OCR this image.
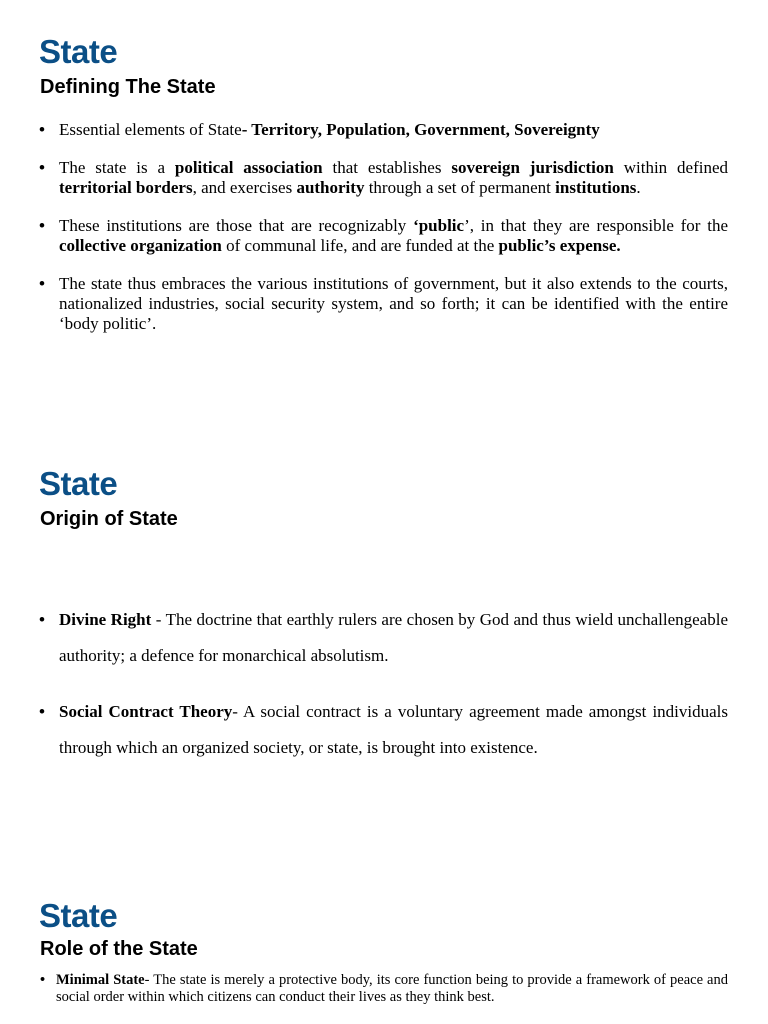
State
Defining The State
• Essential elements of State- Territory, Population, Government, Sovereignty
• The state is a political association that establishes sovereign jurisdiction within defined territorial borders, and exercises authority through a set of permanent institutions.
• These institutions are those that are recognizably ‘public’, in that they are responsible for the collective organization of communal life, and are funded at the public’s expense.
• The state thus embraces the various institutions of government, but it also extends to the courts, nationalized industries, social security system, and so forth; it can be identified with the entire ‘body politic’.
State
Origin of State
• Divine Right - The doctrine that earthly rulers are chosen by God and thus wield unchallengeable authority; a defence for monarchical absolutism.
• Social Contract Theory- A social contract is a voluntary agreement made amongst individuals through which an organized society, or state, is brought into existence.
State
Role of the State
• Minimal State- The state is merely a protective body, its core function being to provide a framework of peace and social order within which citizens can conduct their lives as they think best.
